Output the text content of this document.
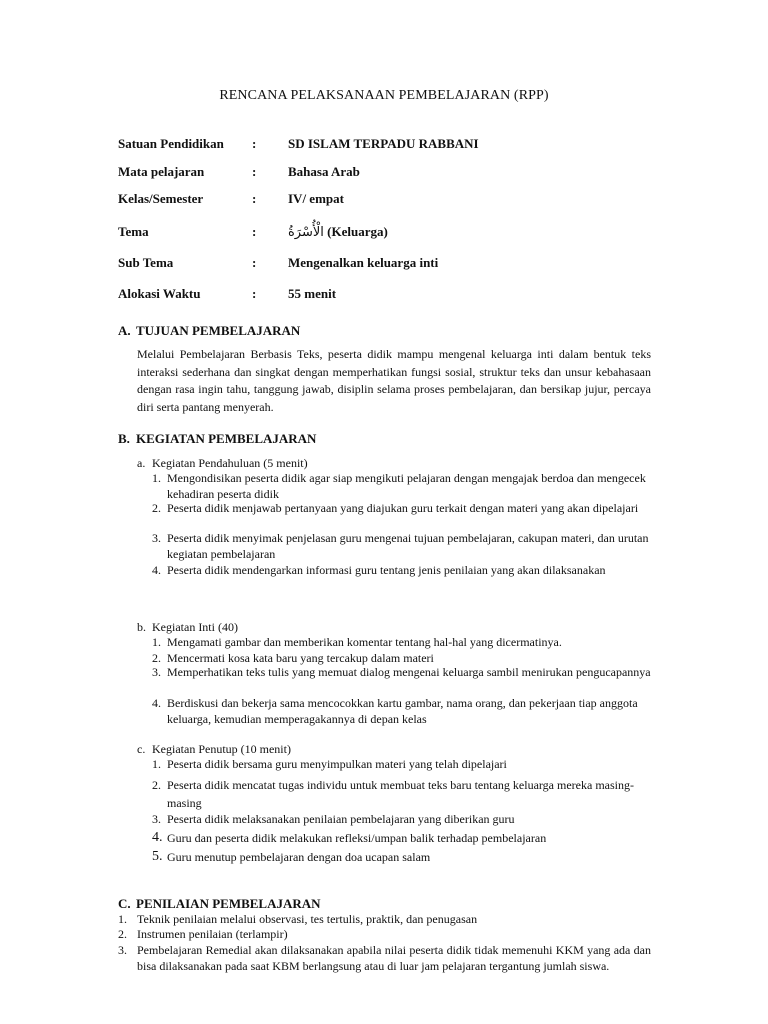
RENCANA PELAKSANAAN PEMBELAJARAN (RPP)
Satuan Pendidikan : SD ISLAM TERPADU RABBANI
Mata pelajaran	: Bahasa Arab
Kelas/Semester	: IV/ empat
Tema	: الْأُسْرَةُ (Keluarga)
Sub Tema	: Mengenalkan keluarga inti
Alokasi Waktu	: 55 menit
A. TUJUAN PEMBELAJARAN
Melalui Pembelajaran Berbasis Teks, peserta didik mampu mengenal keluarga inti dalam bentuk teks interaksi sederhana dan singkat dengan memperhatikan fungsi sosial, struktur teks dan unsur kebahasaan dengan rasa ingin tahu, tanggung jawab, disiplin selama proses pembelajaran, dan bersikap jujur, percaya diri serta pantang menyerah.
B. KEGIATAN PEMBELAJARAN
a. Kegiatan Pendahuluan (5 menit)
1. Mengondisikan peserta didik agar siap mengikuti pelajaran dengan mengajak berdoa dan mengecek kehadiran peserta didik
2. Peserta didik menjawab pertanyaan yang diajukan guru terkait dengan materi yang akan dipelajari
3. Peserta didik menyimak penjelasan guru mengenai tujuan pembelajaran, cakupan materi, dan urutan kegiatan pembelajaran
4. Peserta didik mendengarkan informasi guru tentang jenis penilaian yang akan dilaksanakan
b. Kegiatan Inti (40)
1. Mengamati gambar dan memberikan komentar tentang hal-hal yang dicermatinya.
2. Mencermati kosa kata baru yang tercakup dalam materi
3. Memperhatikan teks tulis yang memuat dialog mengenai keluarga sambil menirukan pengucapannya
4. Berdiskusi dan bekerja sama mencocokkan kartu gambar, nama orang, dan pekerjaan tiap anggota keluarga, kemudian memperagakannya di depan kelas
c. Kegiatan Penutup (10 menit)
1. Peserta didik bersama guru menyimpulkan materi yang telah dipelajari
2. Peserta didik mencatat tugas individu untuk membuat teks baru tentang keluarga mereka masing-masing
3. Peserta didik melaksanakan penilaian pembelajaran yang diberikan guru
4. Guru dan peserta didik melakukan refleksi/umpan balik terhadap pembelajaran
5. Guru menutup pembelajaran dengan doa ucapan salam
C. PENILAIAN PEMBELAJARAN
1. Teknik penilaian melalui observasi, tes tertulis, praktik, dan penugasan
2. Instrumen penilaian (terlampir)
3. Pembelajaran Remedial akan dilaksanakan apabila nilai peserta didik tidak memenuhi KKM yang ada dan bisa dilaksanakan pada saat KBM berlangsung atau di luar jam pelajaran tergantung jumlah siswa.
